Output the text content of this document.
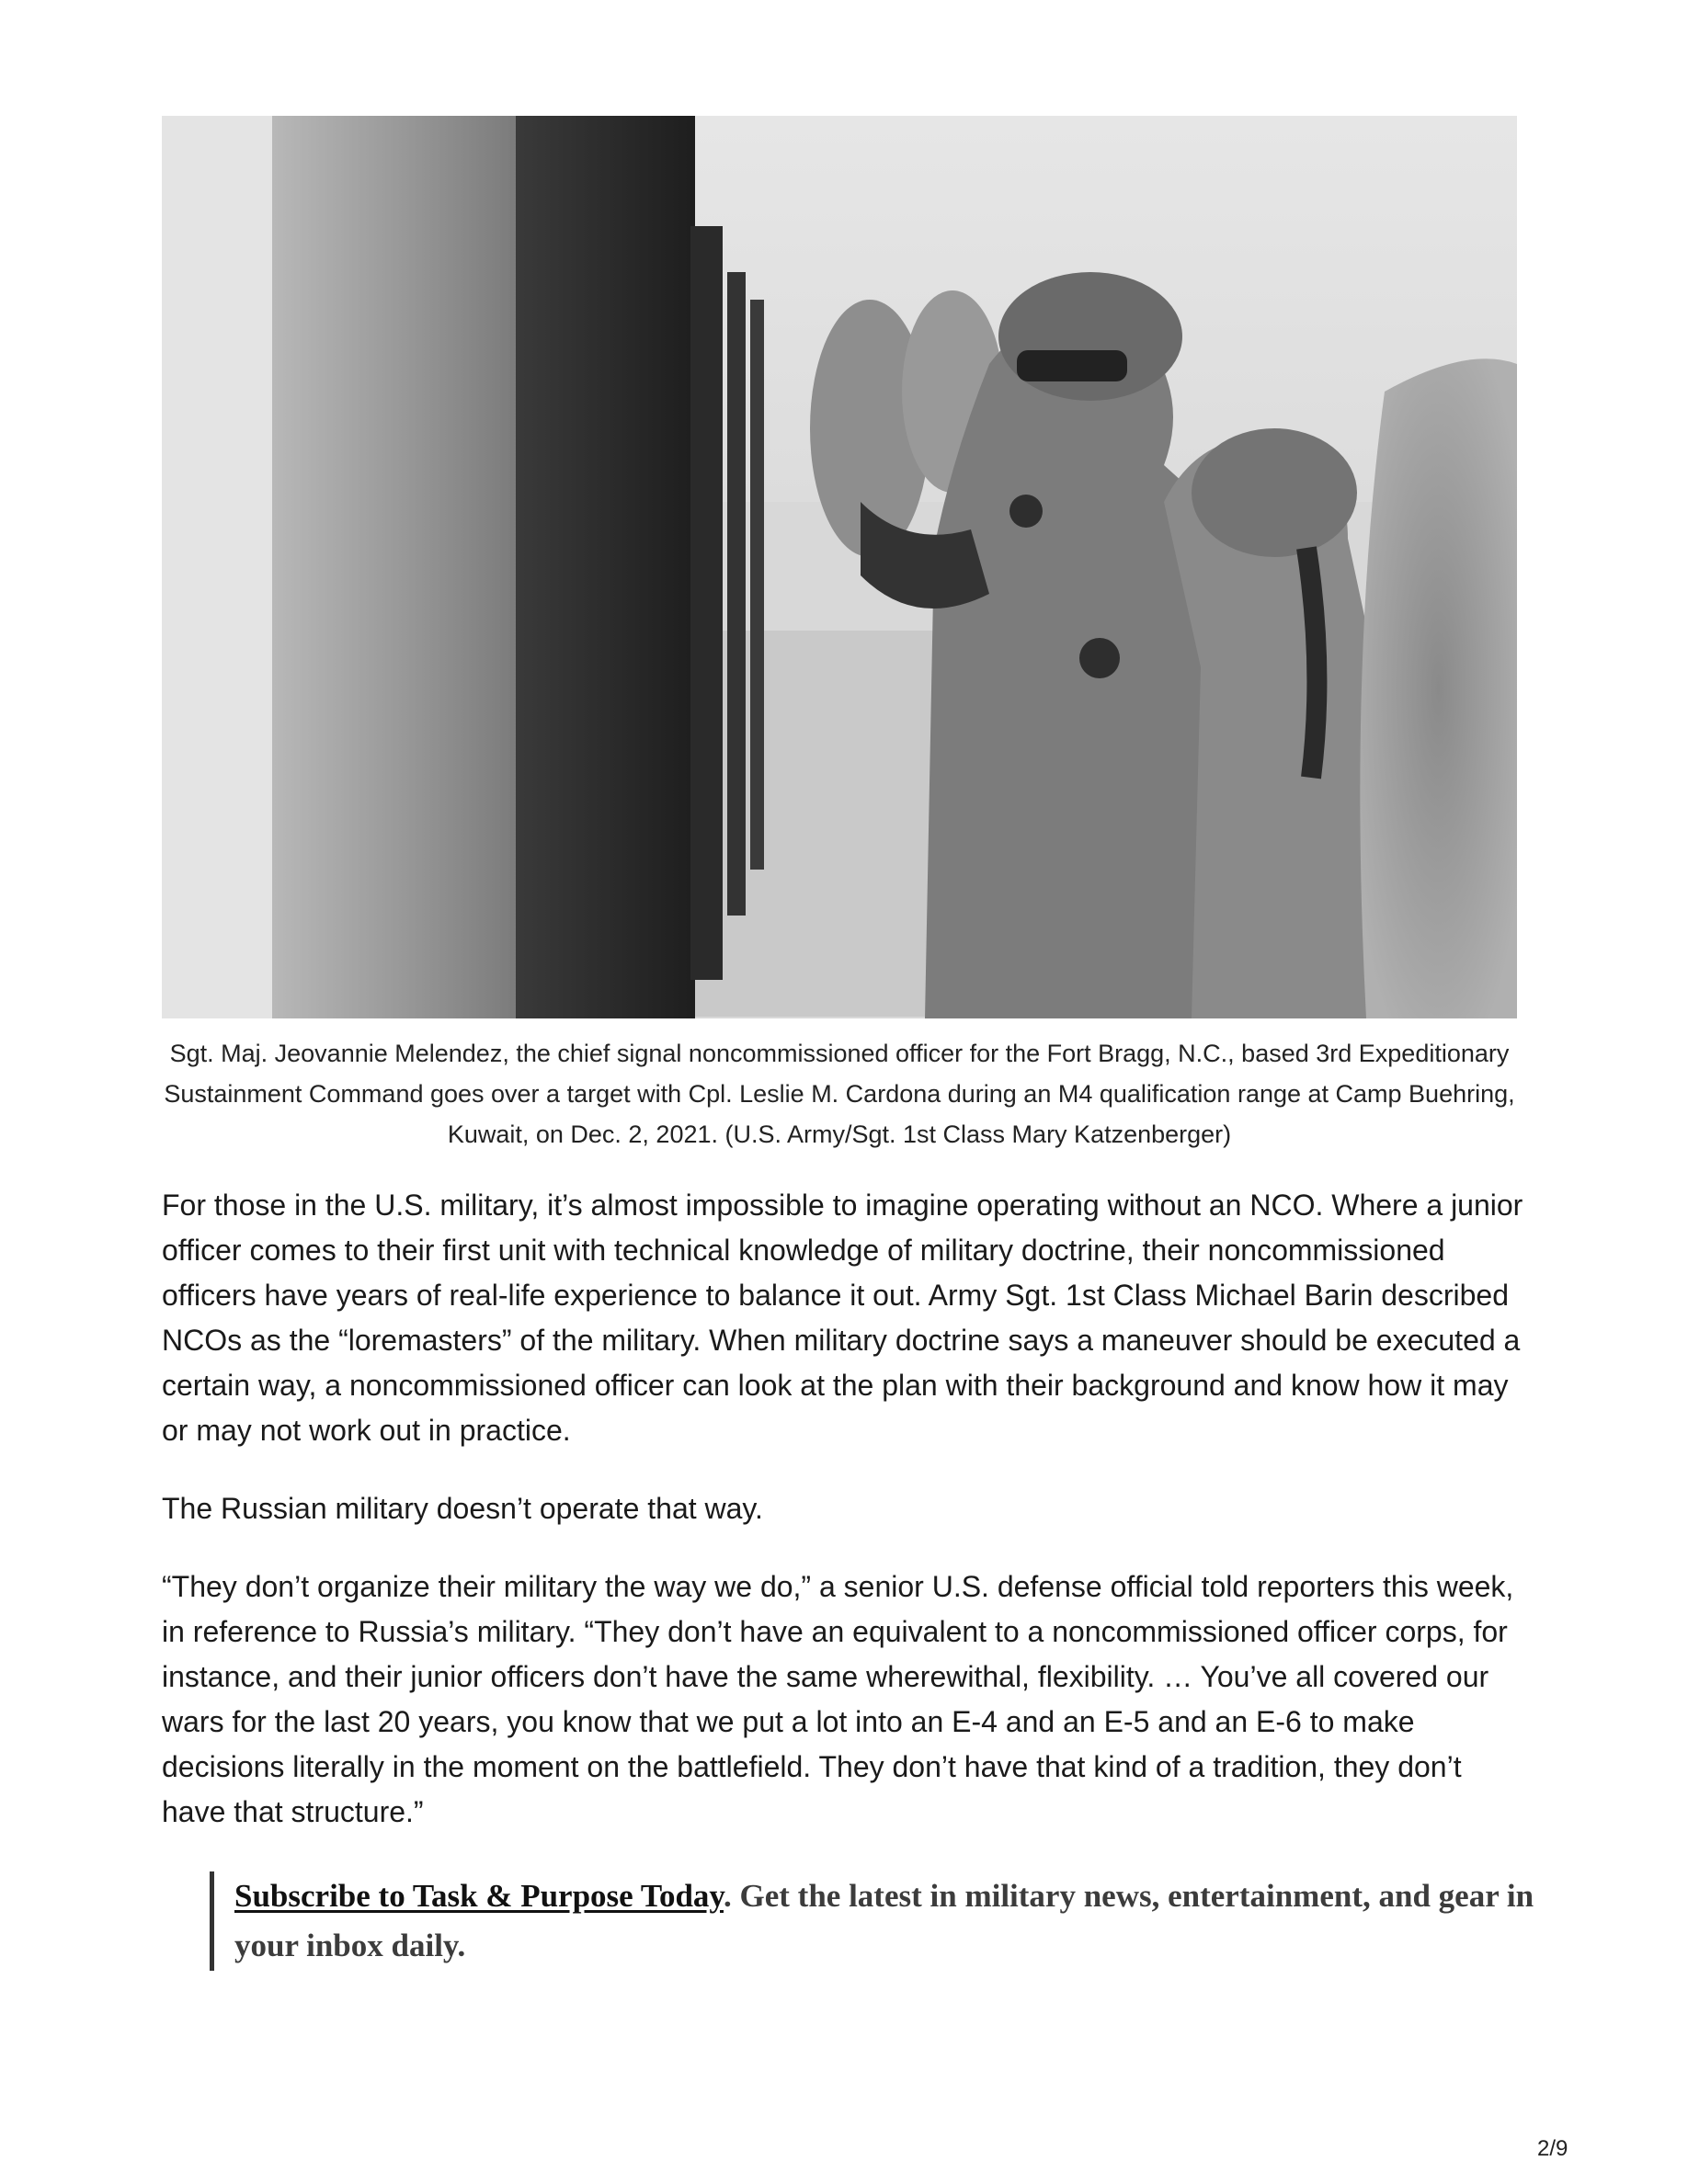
Sgt. Maj. Jeovannie Melendez, the chief signal noncommissioned officer for the Fort Bragg, N.C., based 3rd Expeditionary Sustainment Command goes over a target with Cpl. Leslie M. Cardona during an M4 qualification range at Camp Buehring, Kuwait, on Dec. 2, 2021. (U.S. Army/Sgt. 1st Class Mary Katzenberger)

For those in the U.S. military, it’s almost impossible to imagine operating without an NCO. Where a junior officer comes to their first unit with technical knowledge of military doctrine, their noncommissioned officers have years of real-life experience to balance it out. Army Sgt. 1st Class Michael Barin described NCOs as the “loremasters” of the military. When military doctrine says a maneuver should be executed a certain way, a noncommissioned officer can look at the plan with their background and know how it may or may not work out in practice.

The Russian military doesn’t operate that way.

“They don’t organize their military the way we do,” a senior U.S. defense official told reporters this week, in reference to Russia’s military. “They don’t have an equivalent to a noncommissioned officer corps, for instance, and their junior officers don’t have the same wherewithal, flexibility. … You’ve all covered our wars for the last 20 years, you know that we put a lot into an E-4 and an E-5 and an E-6 to make decisions literally in the moment on the battlefield. They don’t have that kind of a tradition, they don’t have that structure.”

Subscribe to Task & Purpose Today. Get the latest in military news, entertainment, and gear in your inbox daily.
2/9
